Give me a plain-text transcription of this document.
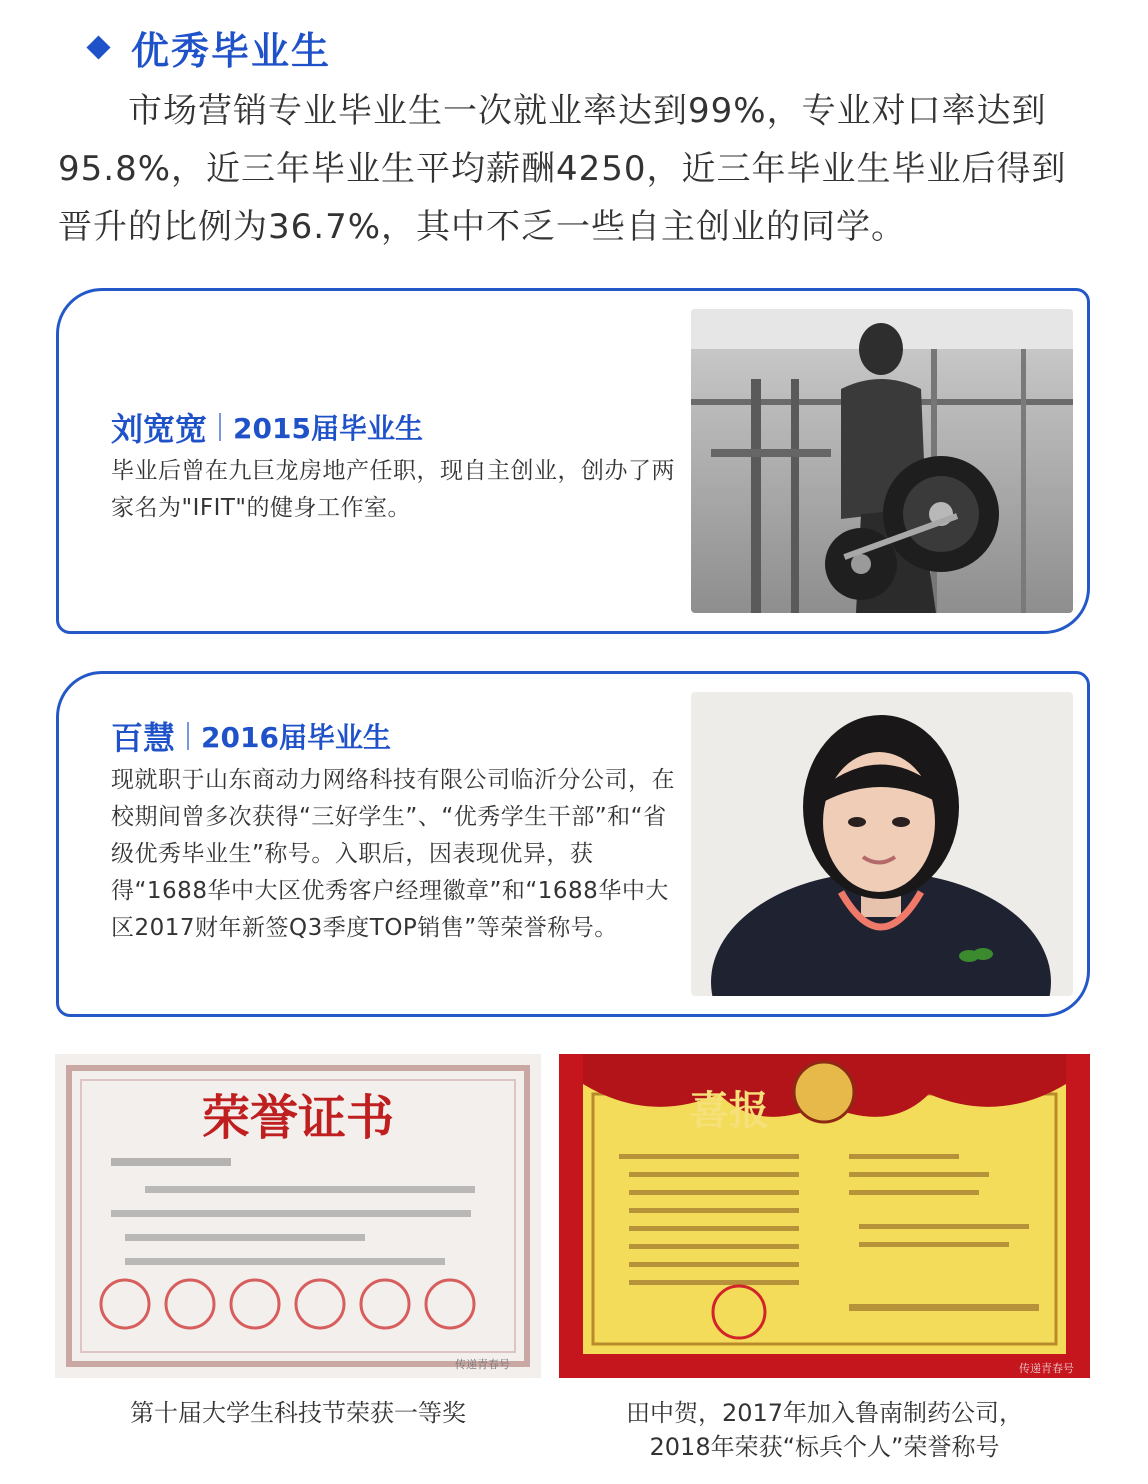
优秀毕业生

市场营销专业毕业生一次就业率达到99%，专业对口率达到95.8%，近三年毕业生平均薪酬4250，近三年毕业生毕业后得到晋升的比例为36.7%，其中不乏一些自主创业的同学。

刘宽宽 2015届毕业生
毕业后曾在九巨龙房地产任职，现自主创业，创办了两家名为"IFIT"的健身工作室。
百慧 2016届毕业生
现就职于山东商动力网络科技有限公司临沂分公司，在校期间曾多次获得“三好学生”、“优秀学生干部”和“省级优秀毕业生”称号。入职后，因表现优异，获得“1688华中大区优秀客户经理徽章”和“1688华中大区2017财年新签Q3季度TOP销售”等荣誉称号。
荣誉证书
传递青春号
喜报
传递青春号
第十届大学生科技节荣获一等奖	田中贺，2017年加入鲁南制药公司，
2018年荣获“标兵个人”荣誉称号
